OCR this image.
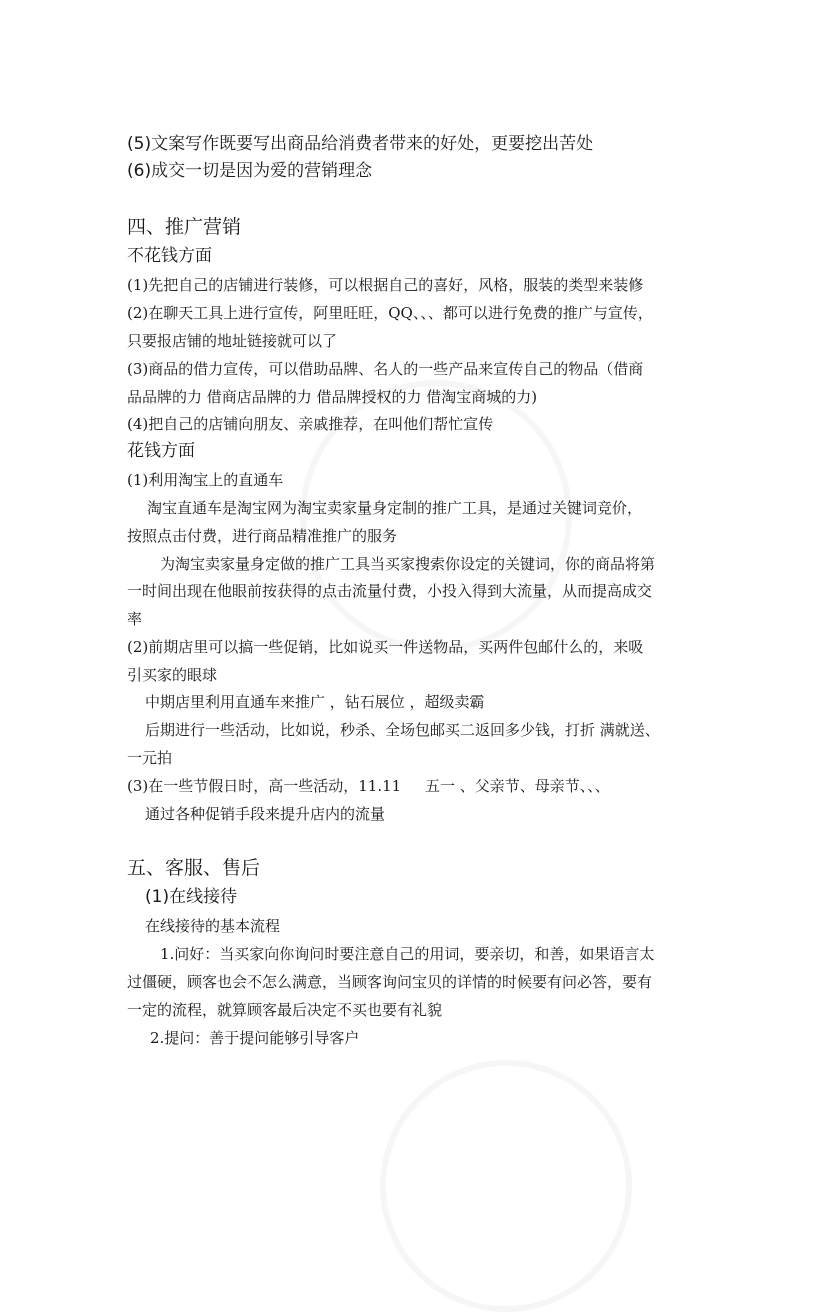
(5)文案写作既要写出商品给消费者带来的好处，更要挖出苦处

(6)成交一切是因为爱的营销理念

四、推广营销

不花钱方面

(1)先把自己的店铺进行装修，可以根据自己的喜好，风格，服装的类型来装修

(2)在聊天工具上进行宣传，阿里旺旺，QQ、、、都可以进行免费的推广与宣传，

只要报店铺的地址链接就可以了

(3)商品的借力宣传，可以借助品牌、名人的一些产品来宣传自己的物品（借商

品品牌的力 借商店品牌的力 借品牌授权的力 借淘宝商城的力)

(4)把自己的店铺向朋友、亲戚推荐，在叫他们帮忙宣传

花钱方面

(1)利用淘宝上的直通车

淘宝直通车是淘宝网为淘宝卖家量身定制的推广工具，是通过关键词竞价，

按照点击付费，进行商品精准推广的服务

为淘宝卖家量身定做的推广工具当买家搜索你设定的关键词，你的商品将第

一时间出现在他眼前按获得的点击流量付费，小投入得到大流量，从而提高成交

率

(2)前期店里可以搞一些促销，比如说买一件送物品，买两件包邮什么的，来吸

引买家的眼球

中期店里利用直通车来推广 ，钻石展位 ，超级卖霸

后期进行一些活动，比如说，秒杀、全场包邮买二返回多少钱，打折 满就送、

一元拍

(3)在一些节假日时，高一些活动，11.11     五一 、父亲节、母亲节、、、

通过各种促销手段来提升店内的流量

五、客服、售后

(1)在线接待

在线接待的基本流程

1.问好：当买家向你询问时要注意自己的用词，要亲切，和善，如果语言太

过僵硬，顾客也会不怎么满意，当顾客询问宝贝的详情的时候要有问必答，要有

一定的流程，就算顾客最后决定不买也要有礼貌

2.提问：善于提问能够引导客户
